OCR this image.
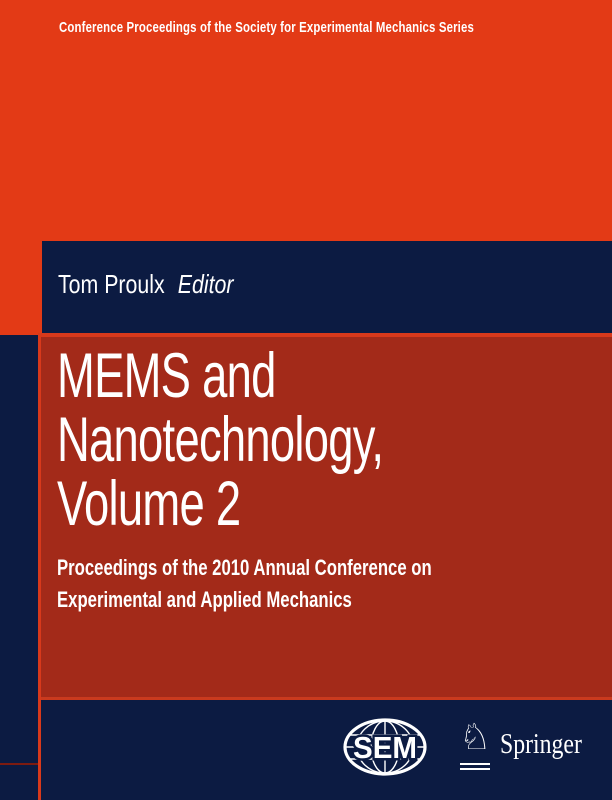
Conference Proceedings of the Society for Experimental Mechanics Series
Tom Proulx Editor
MEMS and
Nanotechnology,
Volume 2
Proceedings of the 2010 Annual Conference on
Experimental and Applied Mechanics
SEM ♘ Springer
